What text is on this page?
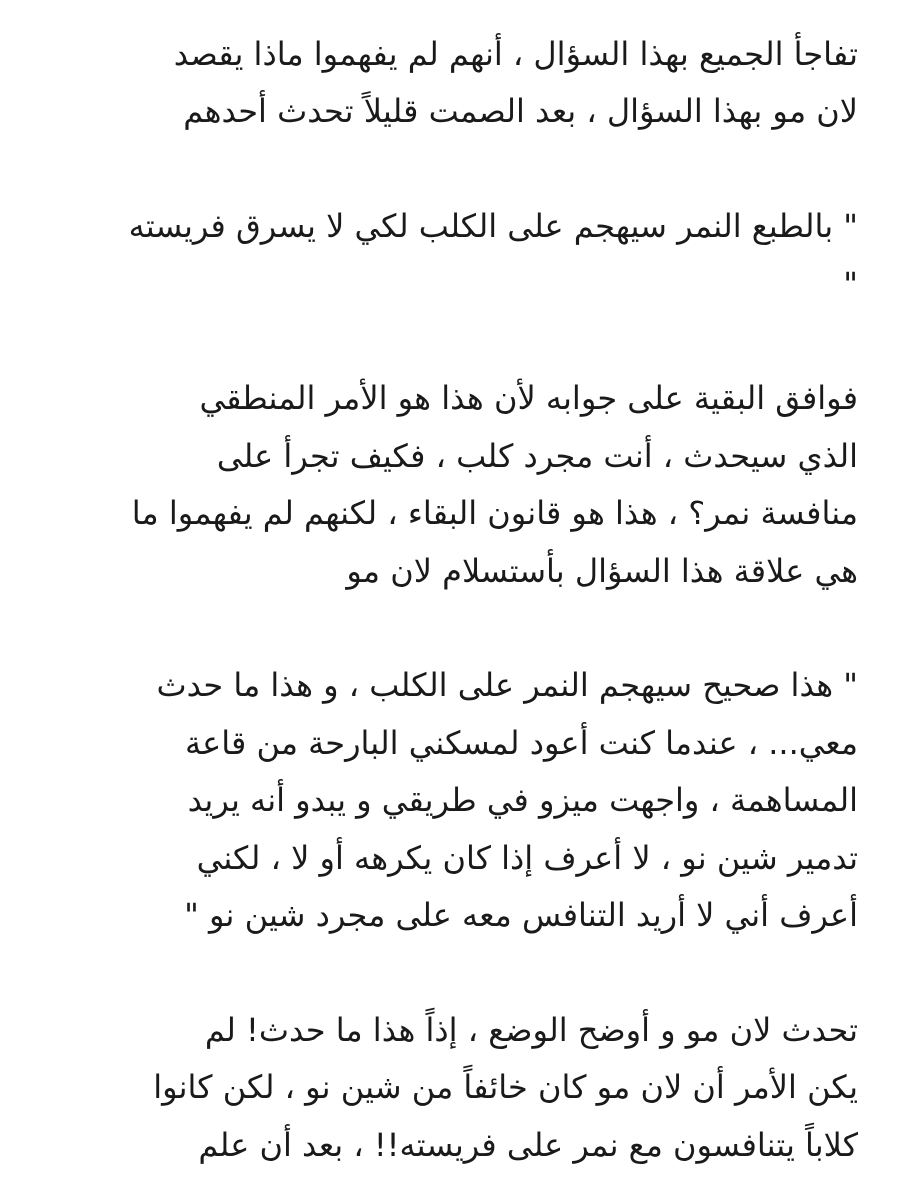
تفاجأ الجميع بهذا السؤال ، أنهم لم يفهموا ماذا يقصد
لان مو بهذا السؤال ، بعد الصمت قليلاً تحدث أحدهم

" بالطبع النمر سيهجم على الكلب لكي لا يسرق فريسته
"

فوافق البقية على جوابه لأن هذا هو الأمر المنطقي
الذي سيحدث ، أنت مجرد كلب ، فكيف تجرأ على
منافسة نمر؟ ، هذا هو قانون البقاء ، لكنهم لم يفهموا ما
هي علاقة هذا السؤال بأستسلام لان مو

" هذا صحيح سيهجم النمر على الكلب ، و هذا ما حدث
معي... ، عندما كنت أعود لمسكني البارحة من قاعة
المساهمة ، واجهت ميزو في طريقي و يبدو أنه يريد
تدمير شين نو ، لا أعرف إذا كان يكرهه أو لا ، لكني
أعرف أني لا أريد التنافس معه على مجرد شين نو "

تحدث لان مو و أوضح الوضع ، إذاً هذا ما حدث! لم
يكن الأمر أن لان مو كان خائفاً من شين نو ، لكن كانوا
كلاباً يتنافسون مع نمر على فريسته!! ، بعد أن علم
